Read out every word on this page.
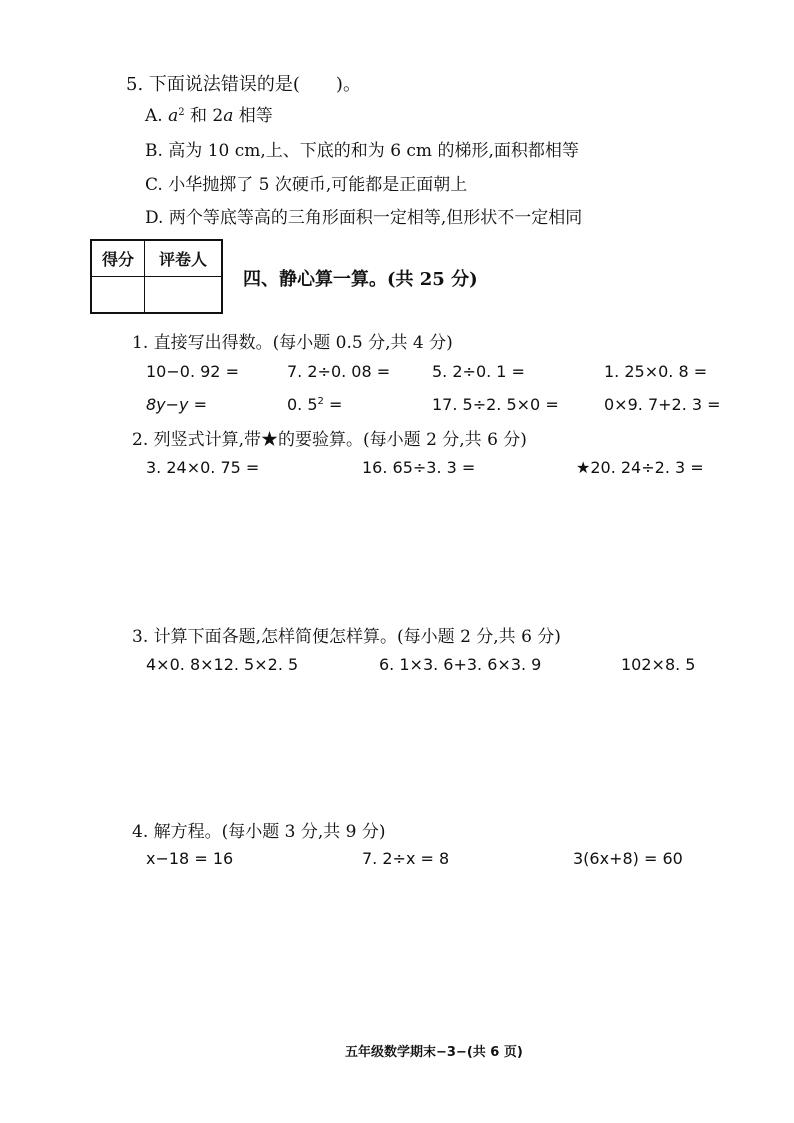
5. 下面说法错误的是(　　)。
A. $a^2$ 和 2a 相等
B. 高为 10 cm,上、下底的和为 6 cm 的梯形,面积都相等
C. 小华抛掷了 5 次硬币,可能都是正面朝上
D. 两个等底等高的三角形面积一定相等,但形状不一定相同
得分	评卷人

四、静心算一算。(共 25 分)
1. 直接写出得数。(每小题 0.5 分,共 4 分)
10−0. 92 =	7. 2÷0. 08 =	5. 2÷0. 1 =	1. 25×0. 8 =
8y−y =	0. $5^2$ =	17. 5÷2. 5×0 =	0×9. 7+2. 3 =
2. 列竖式计算,带★的要验算。(每小题 2 分,共 6 分)
3. 24×0. 75 =	16. 65÷3. 3 =	★20. 24÷2. 3 =
3. 计算下面各题,怎样简便怎样算。(每小题 2 分,共 6 分)
4×0. 8×12. 5×2. 5	6. 1×3. 6+3. 6×3. 9	102×8. 5
4. 解方程。(每小题 3 分,共 9 分)
x−18 = 16	7. 2÷x = 8	3(6x+8) = 60
五年级数学期末−3−(共 6 页)
